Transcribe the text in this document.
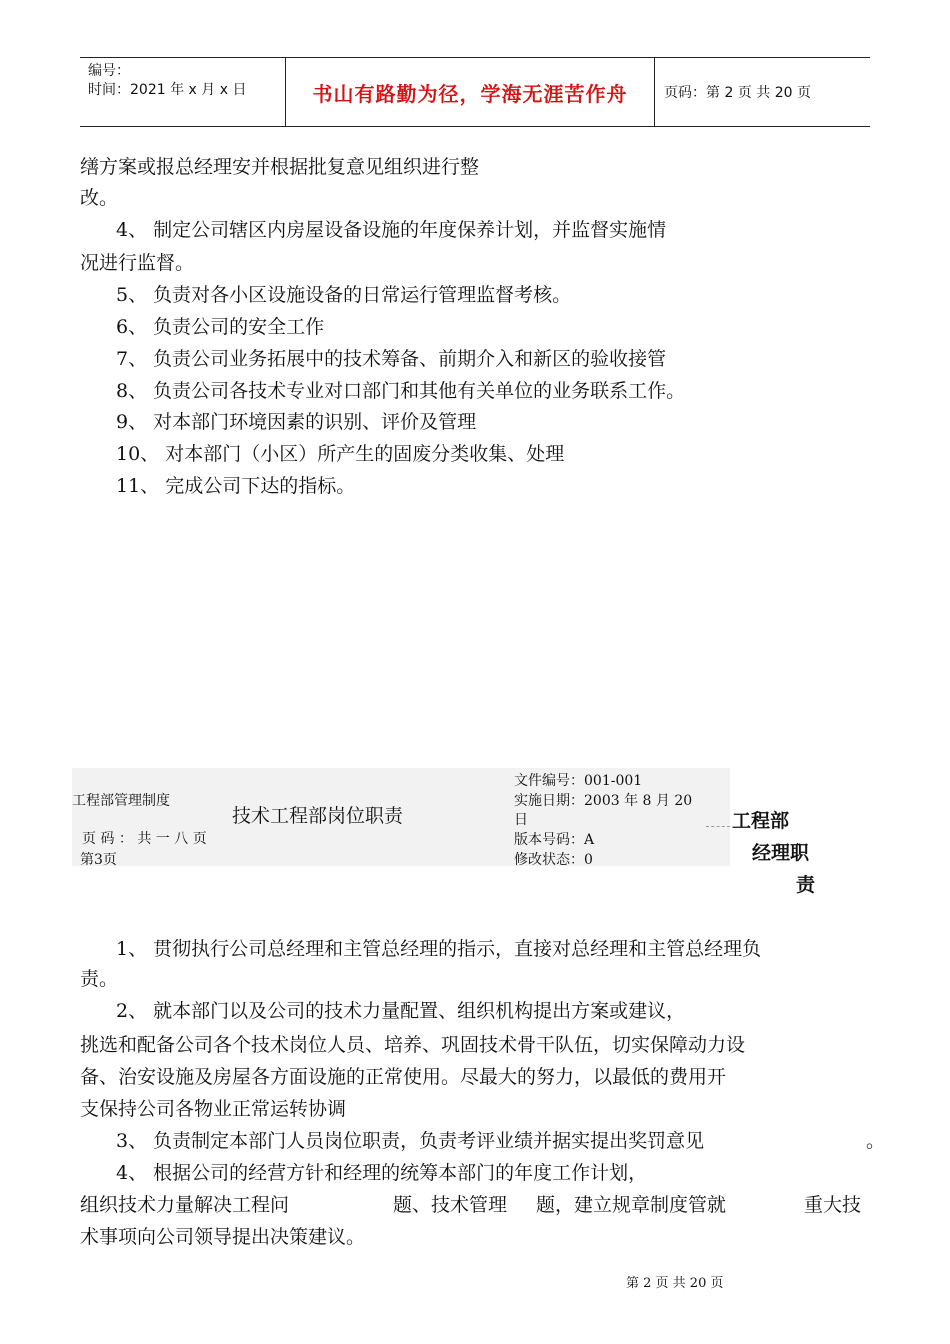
编号：
时间：2021 年 x 月 x 日	书山有路勤为径，学海无涯苦作舟	页码：第 2 页 共 20 页
缮方案或报总经理安并根据批复意见组织进行整
改。
4、 制定公司辖区内房屋设备设施的年度保养计划，并监督实施情
况进行监督。
5、 负责对各小区设施设备的日常运行管理监督考核。
6、 负责公司的安全工作
7、 负责公司业务拓展中的技术筹备、前期介入和新区的验收接管
8、 负责公司各技术专业对口部门和其他有关单位的业务联系工作。
9、 对本部门环境因素的识别、评价及管理
10、 对本部门（小区）所产生的固废分类收集、处理
11、 完成公司下达的指标。
工程部管理制度
技术工程部岗位职责
页 码 ： 共 一 八 页
第3页
文件编号：001-001
实施日期：2003 年 8 月 20
日
版本号码：A
修改状态：0
工程部
经理职
责
1、 贯彻执行公司总经理和主管总经理的指示，直接对总经理和主管总经理负
责。
2、 就本部门以及公司的技术力量配置、组织机构提出方案或建议，
挑选和配备公司各个技术岗位人员、培养、巩固技术骨干队伍，切实保障动力设
备、治安设施及房屋各方面设施的正常使用。尽最大的努力，以最低的费用开
支保持公司各物业正常运转协调
3、 负责制定本部门人员岗位职责，负责考评业绩并据实提出奖罚意见	。
4、 根据公司的经营方针和经理的统筹本部门的年度工作计划，
组织技术力量解决工程问	题、技术管理 题，建立规章制度管就	重大技
术事项向公司领导提出决策建议。
第 2 页 共 20 页
